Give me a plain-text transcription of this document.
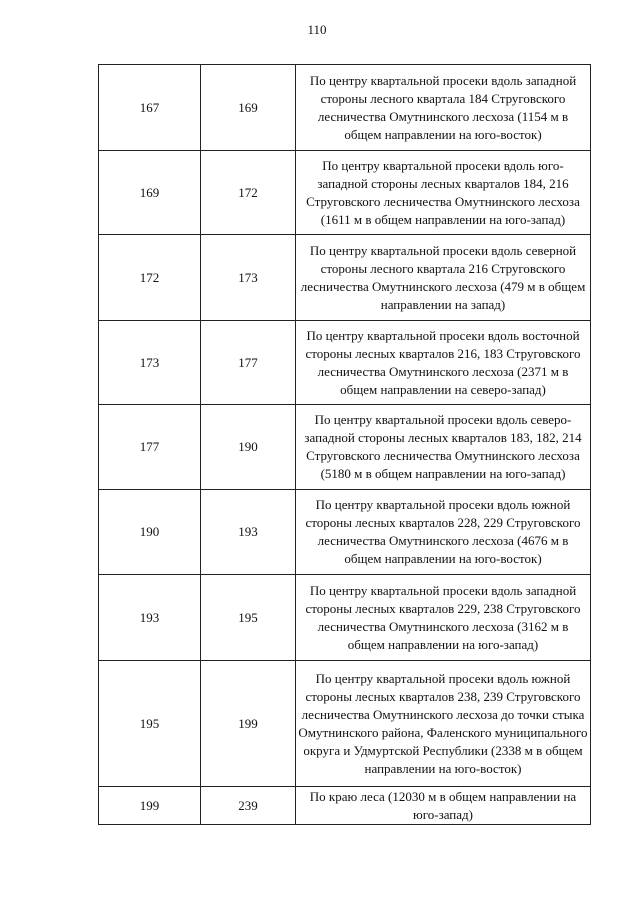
110
167	169	По центру квартальной просеки вдоль западной стороны лесного квартала 184 Струговского лесничества Омутнинского лесхоза (1154 м в общем направлении на юго-восток)
169	172	По центру квартальной просеки вдоль юго-западной стороны лесных кварталов 184, 216 Струговского лесничества Омутнинского лесхоза (1611 м в общем направлении на юго-запад)
172	173	По центру квартальной просеки вдоль северной стороны лесного квартала 216 Струговского лесничества Омутнинского лесхоза (479 м в общем направлении на запад)
173	177	По центру квартальной просеки вдоль восточной стороны лесных кварталов 216, 183 Струговского лесничества Омутнинского лесхоза (2371 м в общем направлении на северо-запад)
177	190	По центру квартальной просеки вдоль северо-западной стороны лесных кварталов 183, 182, 214 Струговского лесничества Омутнинского лесхоза (5180 м в общем направлении на юго-запад)
190	193	По центру квартальной просеки вдоль южной стороны лесных кварталов 228, 229 Струговского лесничества Омутнинского лесхоза (4676 м в общем направлении на юго-восток)
193	195	По центру квартальной просеки вдоль западной стороны лесных кварталов 229, 238 Струговского лесничества Омутнинского лесхоза (3162 м в общем направлении на юго-запад)
195	199	По центру квартальной просеки вдоль южной стороны лесных кварталов 238, 239 Струговского лесничества Омутнинского лесхоза до точки стыка Омутнинского района, Фаленского муниципального округа и Удмуртской Республики (2338 м в общем направлении на юго-восток)
199	239	По краю леса (12030 м в общем направлении на юго-запад)
